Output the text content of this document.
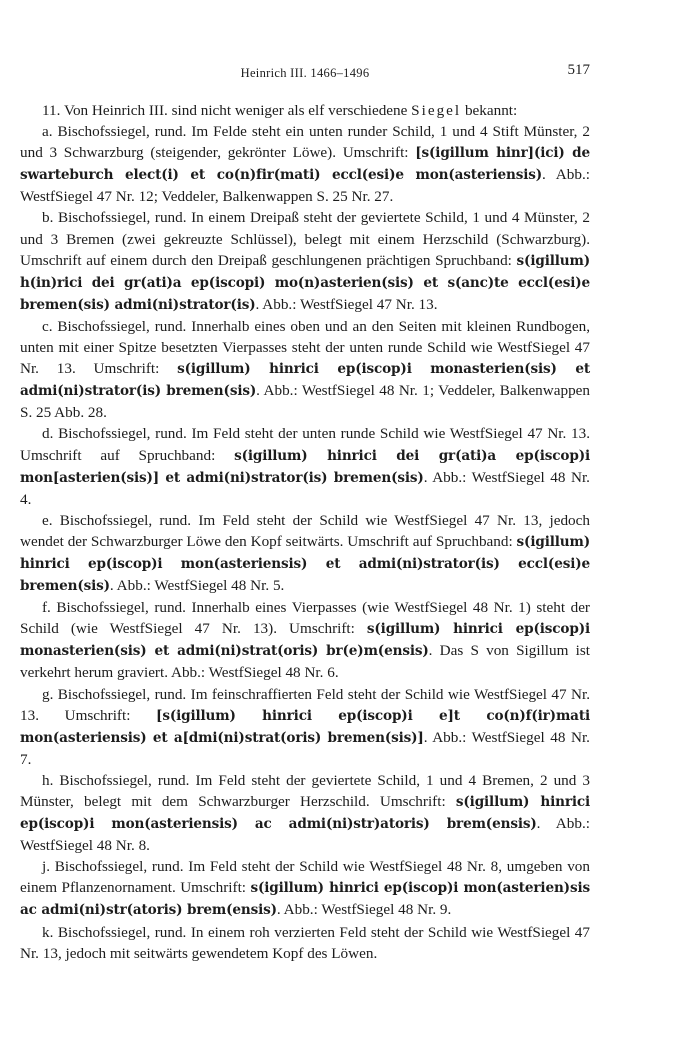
Heinrich III. 1466–1496	517

11. Von Heinrich III. sind nicht weniger als elf verschiedene Siegel bekannt:

a. Bischofssiegel, rund. Im Felde steht ein unten runder Schild, 1 und 4 Stift Münster, 2 und 3 Schwarzburg (steigender, gekrönter Löwe). Umschrift: [s(igillum hinr](ici) de swarteburch elect(i) et co(n)fir(mati) eccl(esi)e mon(asteriensis). Abb.: WestfSiegel 47 Nr. 12; Veddeler, Balkenwappen S. 25 Nr. 27.

b. Bischofssiegel, rund. In einem Dreipaß steht der geviertete Schild, 1 und 4 Münster, 2 und 3 Bremen (zwei gekreuzte Schlüssel), belegt mit einem Herzschild (Schwarzburg). Umschrift auf einem durch den Dreipaß geschlungenen prächtigen Spruchband: s(igillum) h(in)rici dei gr(ati)a ep(iscopi) mo(n)asterien(sis) et s(anc)te eccl(esi)e bremen(sis) admi(ni)strator(is). Abb.: WestfSiegel 47 Nr. 13.

c. Bischofssiegel, rund. Innerhalb eines oben und an den Seiten mit kleinen Rundbogen, unten mit einer Spitze besetzten Vierpasses steht der unten runde Schild wie WestfSiegel 47 Nr. 13. Umschrift: s(igillum) hinrici ep(iscop)i monasterien(sis) et admi(ni)strator(is) bremen(sis). Abb.: WestfSiegel 48 Nr. 1; Veddeler, Balkenwappen S. 25 Abb. 28.

d. Bischofssiegel, rund. Im Feld steht der unten runde Schild wie WestfSiegel 47 Nr. 13. Umschrift auf Spruchband: s(igillum) hinrici dei gr(ati)a ep(iscop)i mon[asterien(sis)] et admi(ni)strator(is) bremen(sis). Abb.: WestfSiegel 48 Nr. 4.

e. Bischofssiegel, rund. Im Feld steht der Schild wie WestfSiegel 47 Nr. 13, jedoch wendet der Schwarzburger Löwe den Kopf seitwärts. Umschrift auf Spruchband: s(igillum) hinrici ep(iscop)i mon(asteriensis) et admi(ni)strator(is) eccl(esi)e bremen(sis). Abb.: WestfSiegel 48 Nr. 5.

f. Bischofssiegel, rund. Innerhalb eines Vierpasses (wie WestfSiegel 48 Nr. 1) steht der Schild (wie WestfSiegel 47 Nr. 13). Umschrift: s(igillum) hinrici ep(iscop)i monasterien(sis) et admi(ni)strat(oris) br(e)m(ensis). Das S von Sigillum ist verkehrt herum graviert. Abb.: WestfSiegel 48 Nr. 6.

g. Bischofssiegel, rund. Im feinschraffierten Feld steht der Schild wie WestfSiegel 47 Nr. 13. Umschrift: [s(igillum) hinrici ep(iscop)i e]t co(n)f(ir)mati mon(asteriensis) et a[dmi(ni)strat(oris) bremen(sis)]. Abb.: WestfSiegel 48 Nr. 7.

h. Bischofssiegel, rund. Im Feld steht der geviertete Schild, 1 und 4 Bremen, 2 und 3 Münster, belegt mit dem Schwarzburger Herzschild. Umschrift: s(igillum) hinrici ep(iscop)i mon(asteriensis) ac admi(ni)str)atoris) brem(ensis). Abb.: WestfSiegel 48 Nr. 8.

j. Bischofssiegel, rund. Im Feld steht der Schild wie WestfSiegel 48 Nr. 8, umgeben von einem Pflanzenornament. Umschrift: s(igillum) hinrici ep(iscop)i mon(asterien)sis ac admi(ni)str(atoris) brem(ensis). Abb.: WestfSiegel 48 Nr. 9.

k. Bischofssiegel, rund. In einem roh verzierten Feld steht der Schild wie WestfSiegel 47 Nr. 13, jedoch mit seitwärts gewendetem Kopf des Löwen.
